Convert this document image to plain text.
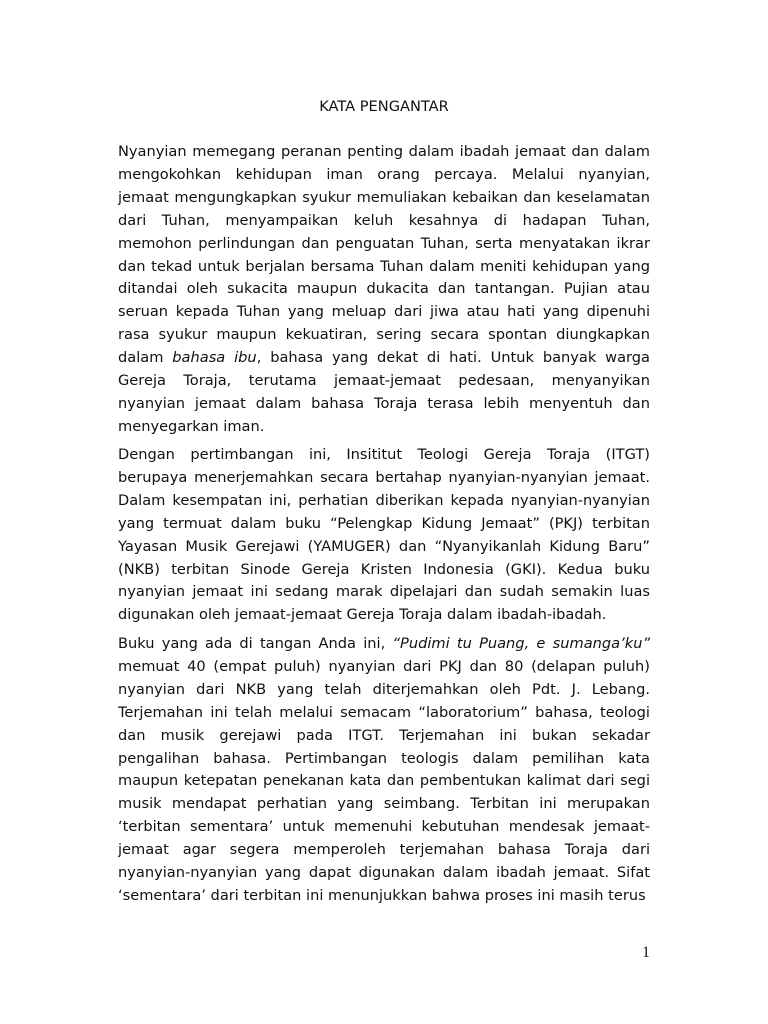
KATA PENGANTAR
Nyanyian memegang peranan penting dalam ibadah jemaat dan dalam
mengokohkan kehidupan iman orang percaya. Melalui nyanyian,
jemaat mengungkapkan syukur memuliakan kebaikan dan keselamatan
dari Tuhan, menyampaikan keluh kesahnya di hadapan Tuhan,
memohon perlindungan dan penguatan Tuhan, serta menyatakan ikrar
dan tekad untuk berjalan bersama Tuhan dalam meniti kehidupan yang
ditandai oleh sukacita maupun dukacita dan tantangan. Pujian atau
seruan kepada Tuhan yang meluap dari jiwa atau hati yang dipenuhi
rasa syukur maupun kekuatiran, sering secara spontan diungkapkan
dalam bahasa ibu, bahasa yang dekat di hati. Untuk banyak warga
Gereja Toraja, terutama jemaat-jemaat pedesaan, menyanyikan
nyanyian jemaat dalam bahasa Toraja terasa lebih menyentuh dan
menyegarkan iman.
Dengan pertimbangan ini, Insititut Teologi Gereja Toraja (ITGT)
berupaya menerjemahkan secara bertahap nyanyian-nyanyian jemaat.
Dalam kesempatan ini, perhatian diberikan kepada nyanyian-nyanyian
yang termuat dalam buku “Pelengkap Kidung Jemaat” (PKJ) terbitan
Yayasan Musik Gerejawi (YAMUGER) dan “Nyanyikanlah Kidung Baru”
(NKB) terbitan Sinode Gereja Kristen Indonesia (GKI). Kedua buku
nyanyian jemaat ini sedang marak dipelajari dan sudah semakin luas
digunakan oleh jemaat-jemaat Gereja Toraja dalam ibadah-ibadah.
Buku yang ada di tangan Anda ini, “Pudimi tu Puang, e sumanga’ku”
memuat 40 (empat puluh) nyanyian dari PKJ dan 80 (delapan puluh)
nyanyian dari NKB yang telah diterjemahkan oleh Pdt. J. Lebang.
Terjemahan ini telah melalui semacam “laboratorium” bahasa, teologi
dan musik gerejawi pada ITGT. Terjemahan ini bukan sekadar
pengalihan bahasa. Pertimbangan teologis dalam pemilihan kata
maupun ketepatan penekanan kata dan pembentukan kalimat dari segi
musik mendapat perhatian yang seimbang. Terbitan ini merupakan
‘terbitan sementara’ untuk memenuhi kebutuhan mendesak jemaat-
jemaat agar segera memperoleh terjemahan bahasa Toraja dari
nyanyian-nyanyian yang dapat digunakan dalam ibadah jemaat. Sifat
‘sementara’ dari terbitan ini menunjukkan bahwa proses ini masih terus
1
